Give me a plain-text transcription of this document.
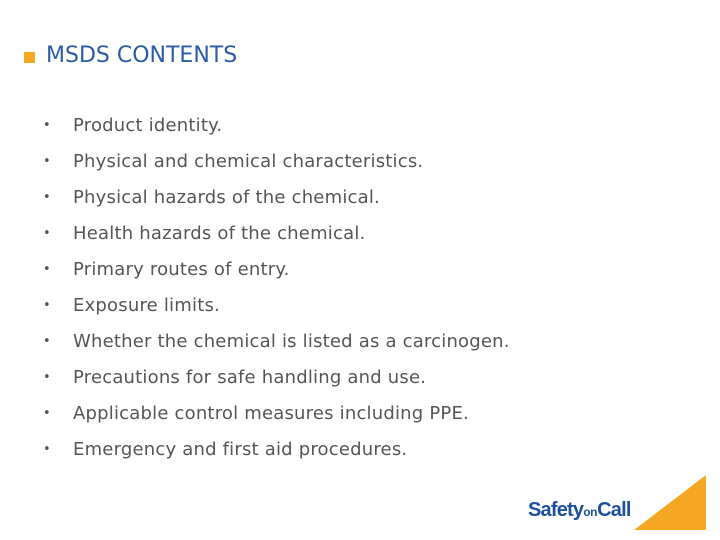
MSDS CONTENTS
•	Product identity.
•	Physical and chemical characteristics.
•	Physical hazards of the chemical.
•	Health hazards of the chemical.
•	Primary routes of entry.
•	Exposure limits.
•	Whether the chemical is listed as a carcinogen.
•	Precautions for safe handling and use.
•	Applicable control measures including PPE.
•	Emergency and first aid procedures.
SafetyonCall
